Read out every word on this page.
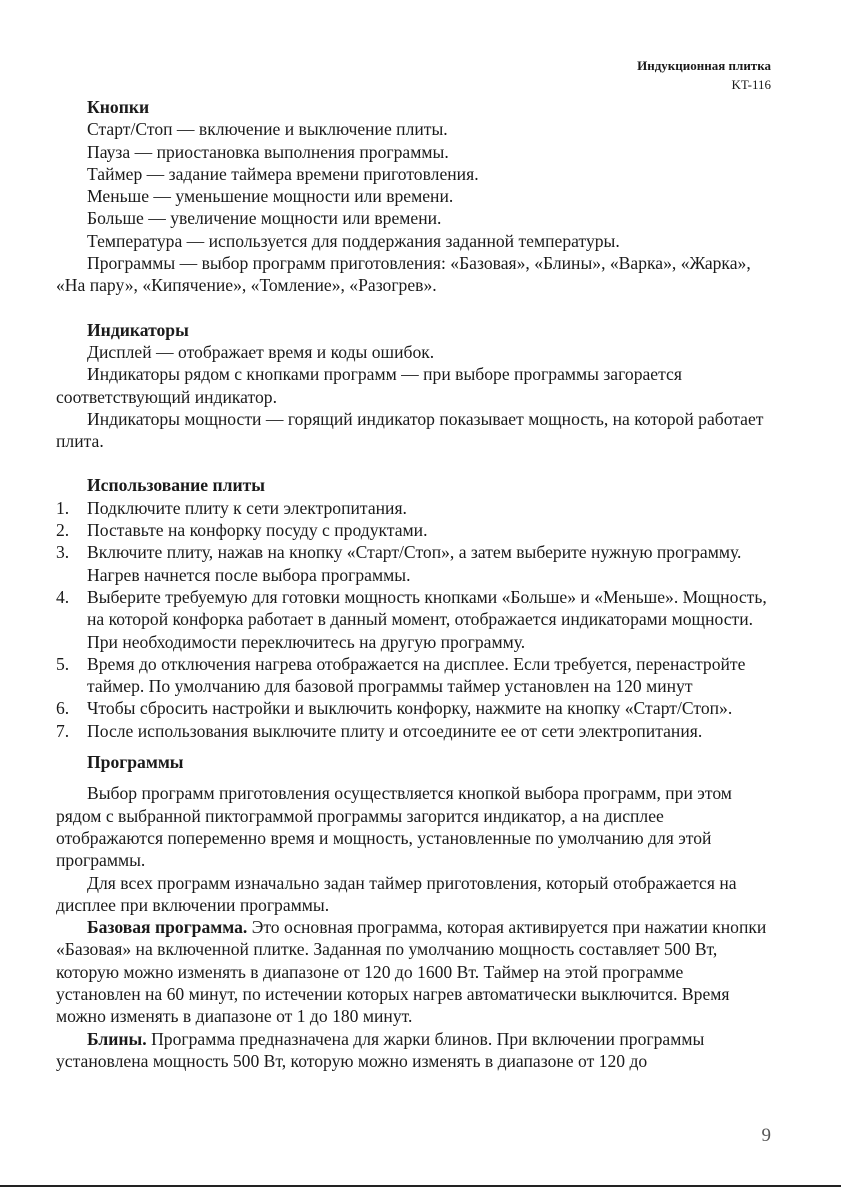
Индукционная плитка
KT-116
Кнопки

Старт/Стоп — включение и выключение плиты.

Пауза — приостановка выполнения программы.

Таймер — задание таймера времени приготовления.

Меньше — уменьшение мощности или времени.

Больше — увеличение мощности или времени.

Температура — используется для поддержания заданной температуры.

Программы — выбор программ приготовления: «Базовая», «Блины», «Варка», «Жарка», «На пару», «Кипячение», «Томление», «Разогрев».

Индикаторы

Дисплей — отображает время и коды ошибок.

Индикаторы рядом с кнопками программ — при выборе программы загорается соответствующий индикатор.

Индикаторы мощности — горящий индикатор показывает мощность, на которой работает плита.

Использование плиты
1. Подключите плиту к сети электропитания.
2. Поставьте на конфорку посуду с продуктами.
3. Включите плиту, нажав на кнопку «Старт/Стоп», а затем выберите нужную программу. Нагрев начнется после выбора программы.
4. Выберите требуемую для готовки мощность кнопками «Больше» и «Меньше». Мощность, на которой конфорка работает в данный момент, отображается индикаторами мощности. При необходимости переключитесь на другую программу.
5. Время до отключения нагрева отображается на дисплее. Если требуется, перенастройте таймер. По умолчанию для базовой программы таймер установлен на 120 минут
6. Чтобы сбросить настройки и выключить конфорку, нажмите на кнопку «Старт/Стоп».
7. После использования выключите плиту и отсоедините ее от сети электропитания.
Программы

Выбор программ приготовления осуществляется кнопкой выбора программ, при этом рядом с выбранной пиктограммой программы загорится индикатор, а на дисплее отображаются попеременно время и мощность, установленные по умолчанию для этой программы.

Для всех программ изначально задан таймер приготовления, который отображается на дисплее при включении программы.

Базовая программа. Это основная программа, которая активируется при нажатии кнопки «Базовая» на включенной плитке. Заданная по умолчанию мощность составляет 500 Вт, которую можно изменять в диапазоне от 120 до 1600 Вт. Таймер на этой программе установлен на 60 минут, по истечении которых нагрев автоматически выключится. Время можно изменять в диапазоне от 1 до 180 минут.

Блины. Программа предназначена для жарки блинов. При включении программы установлена мощность 500 Вт, которую можно изменять в диапазоне от 120 до

9
